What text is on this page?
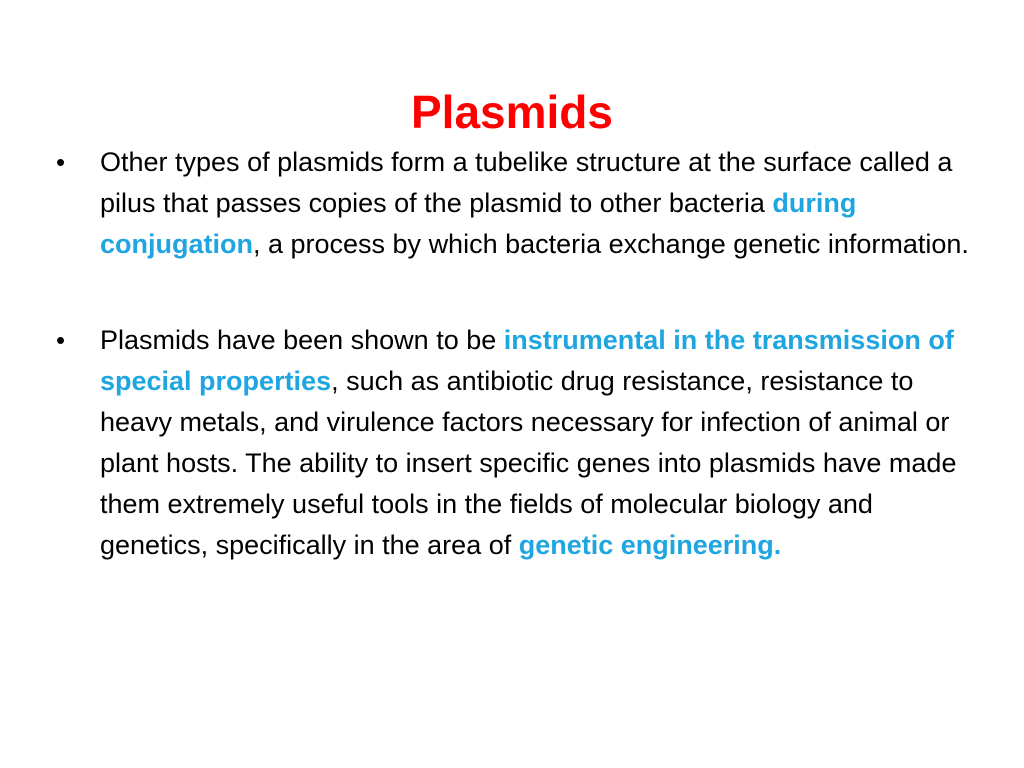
Plasmids
•	Other types of plasmids form a tubelike structure at the surface called a pilus that passes copies of the plasmid to other bacteria during conjugation, a process by which bacteria exchange genetic information.
•	Plasmids have been shown to be instrumental in the transmission of special properties, such as antibiotic drug resistance, resistance to heavy metals, and virulence factors necessary for infection of animal or plant hosts. The ability to insert specific genes into plasmids have made them extremely useful tools in the fields of molecular biology and genetics, specifically in the area of genetic engineering.
